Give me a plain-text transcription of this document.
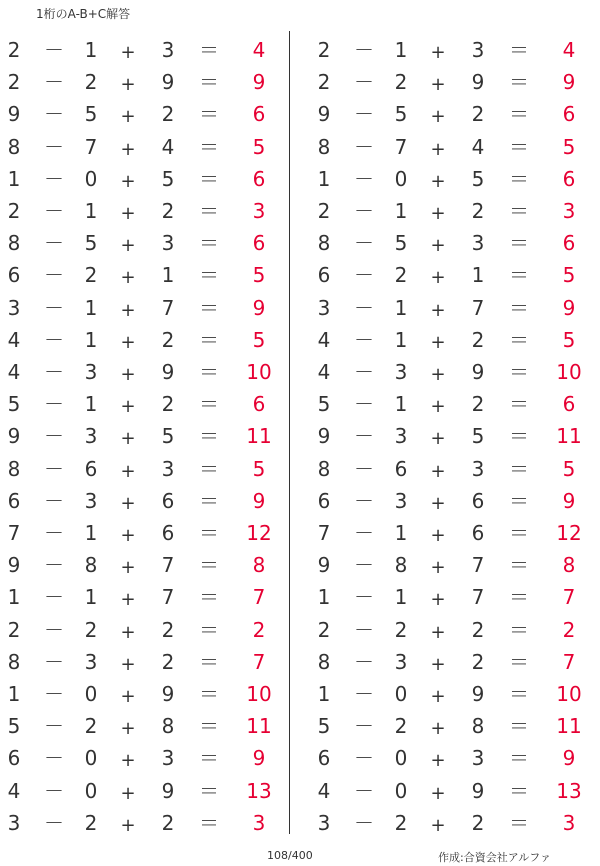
1桁のA-B+C解答
2 － 1 + 3 ＝	4
2 － 2 + 9 ＝	9
9 － 5 + 2 ＝	6
8 － 7 + 4 ＝	5
1 － 0 + 5 ＝	6
2 － 1 + 2 ＝	3
8 － 5 + 3 ＝	6
6 － 2 + 1 ＝	5
3 － 1 + 7 ＝	9
4 － 1 + 2 ＝	5
4 － 3 + 9 ＝	10
5 － 1 + 2 ＝	6
9 － 3 + 5 ＝	11
8 － 6 + 3 ＝	5
6 － 3 + 6 ＝	9
7 － 1 + 6 ＝	12
9 － 8 + 7 ＝	8
1 － 1 + 7 ＝	7
2 － 2 + 2 ＝	2
8 － 3 + 2 ＝	7
1 － 0 + 9 ＝	10
5 － 2 + 8 ＝	11
6 － 0 + 3 ＝	9
4 － 0 + 9 ＝	13
3 － 2 + 2 ＝	3
2 － 1 + 3 ＝	4
2 － 2 + 9 ＝	9
9 － 5 + 2 ＝	6
8 － 7 + 4 ＝	5
1 － 0 + 5 ＝	6
2 － 1 + 2 ＝	3
8 － 5 + 3 ＝	6
6 － 2 + 1 ＝	5
3 － 1 + 7 ＝	9
4 － 1 + 2 ＝	5
4 － 3 + 9 ＝	10
5 － 1 + 2 ＝	6
9 － 3 + 5 ＝	11
8 － 6 + 3 ＝	5
6 － 3 + 6 ＝	9
7 － 1 + 6 ＝	12
9 － 8 + 7 ＝	8
1 － 1 + 7 ＝	7
2 － 2 + 2 ＝	2
8 － 3 + 2 ＝	7
1 － 0 + 9 ＝	10
5 － 2 + 8 ＝	11
6 － 0 + 3 ＝	9
4 － 0 + 9 ＝	13
3 － 2 + 2 ＝	3
108/400	作成:合資会社アルファ
